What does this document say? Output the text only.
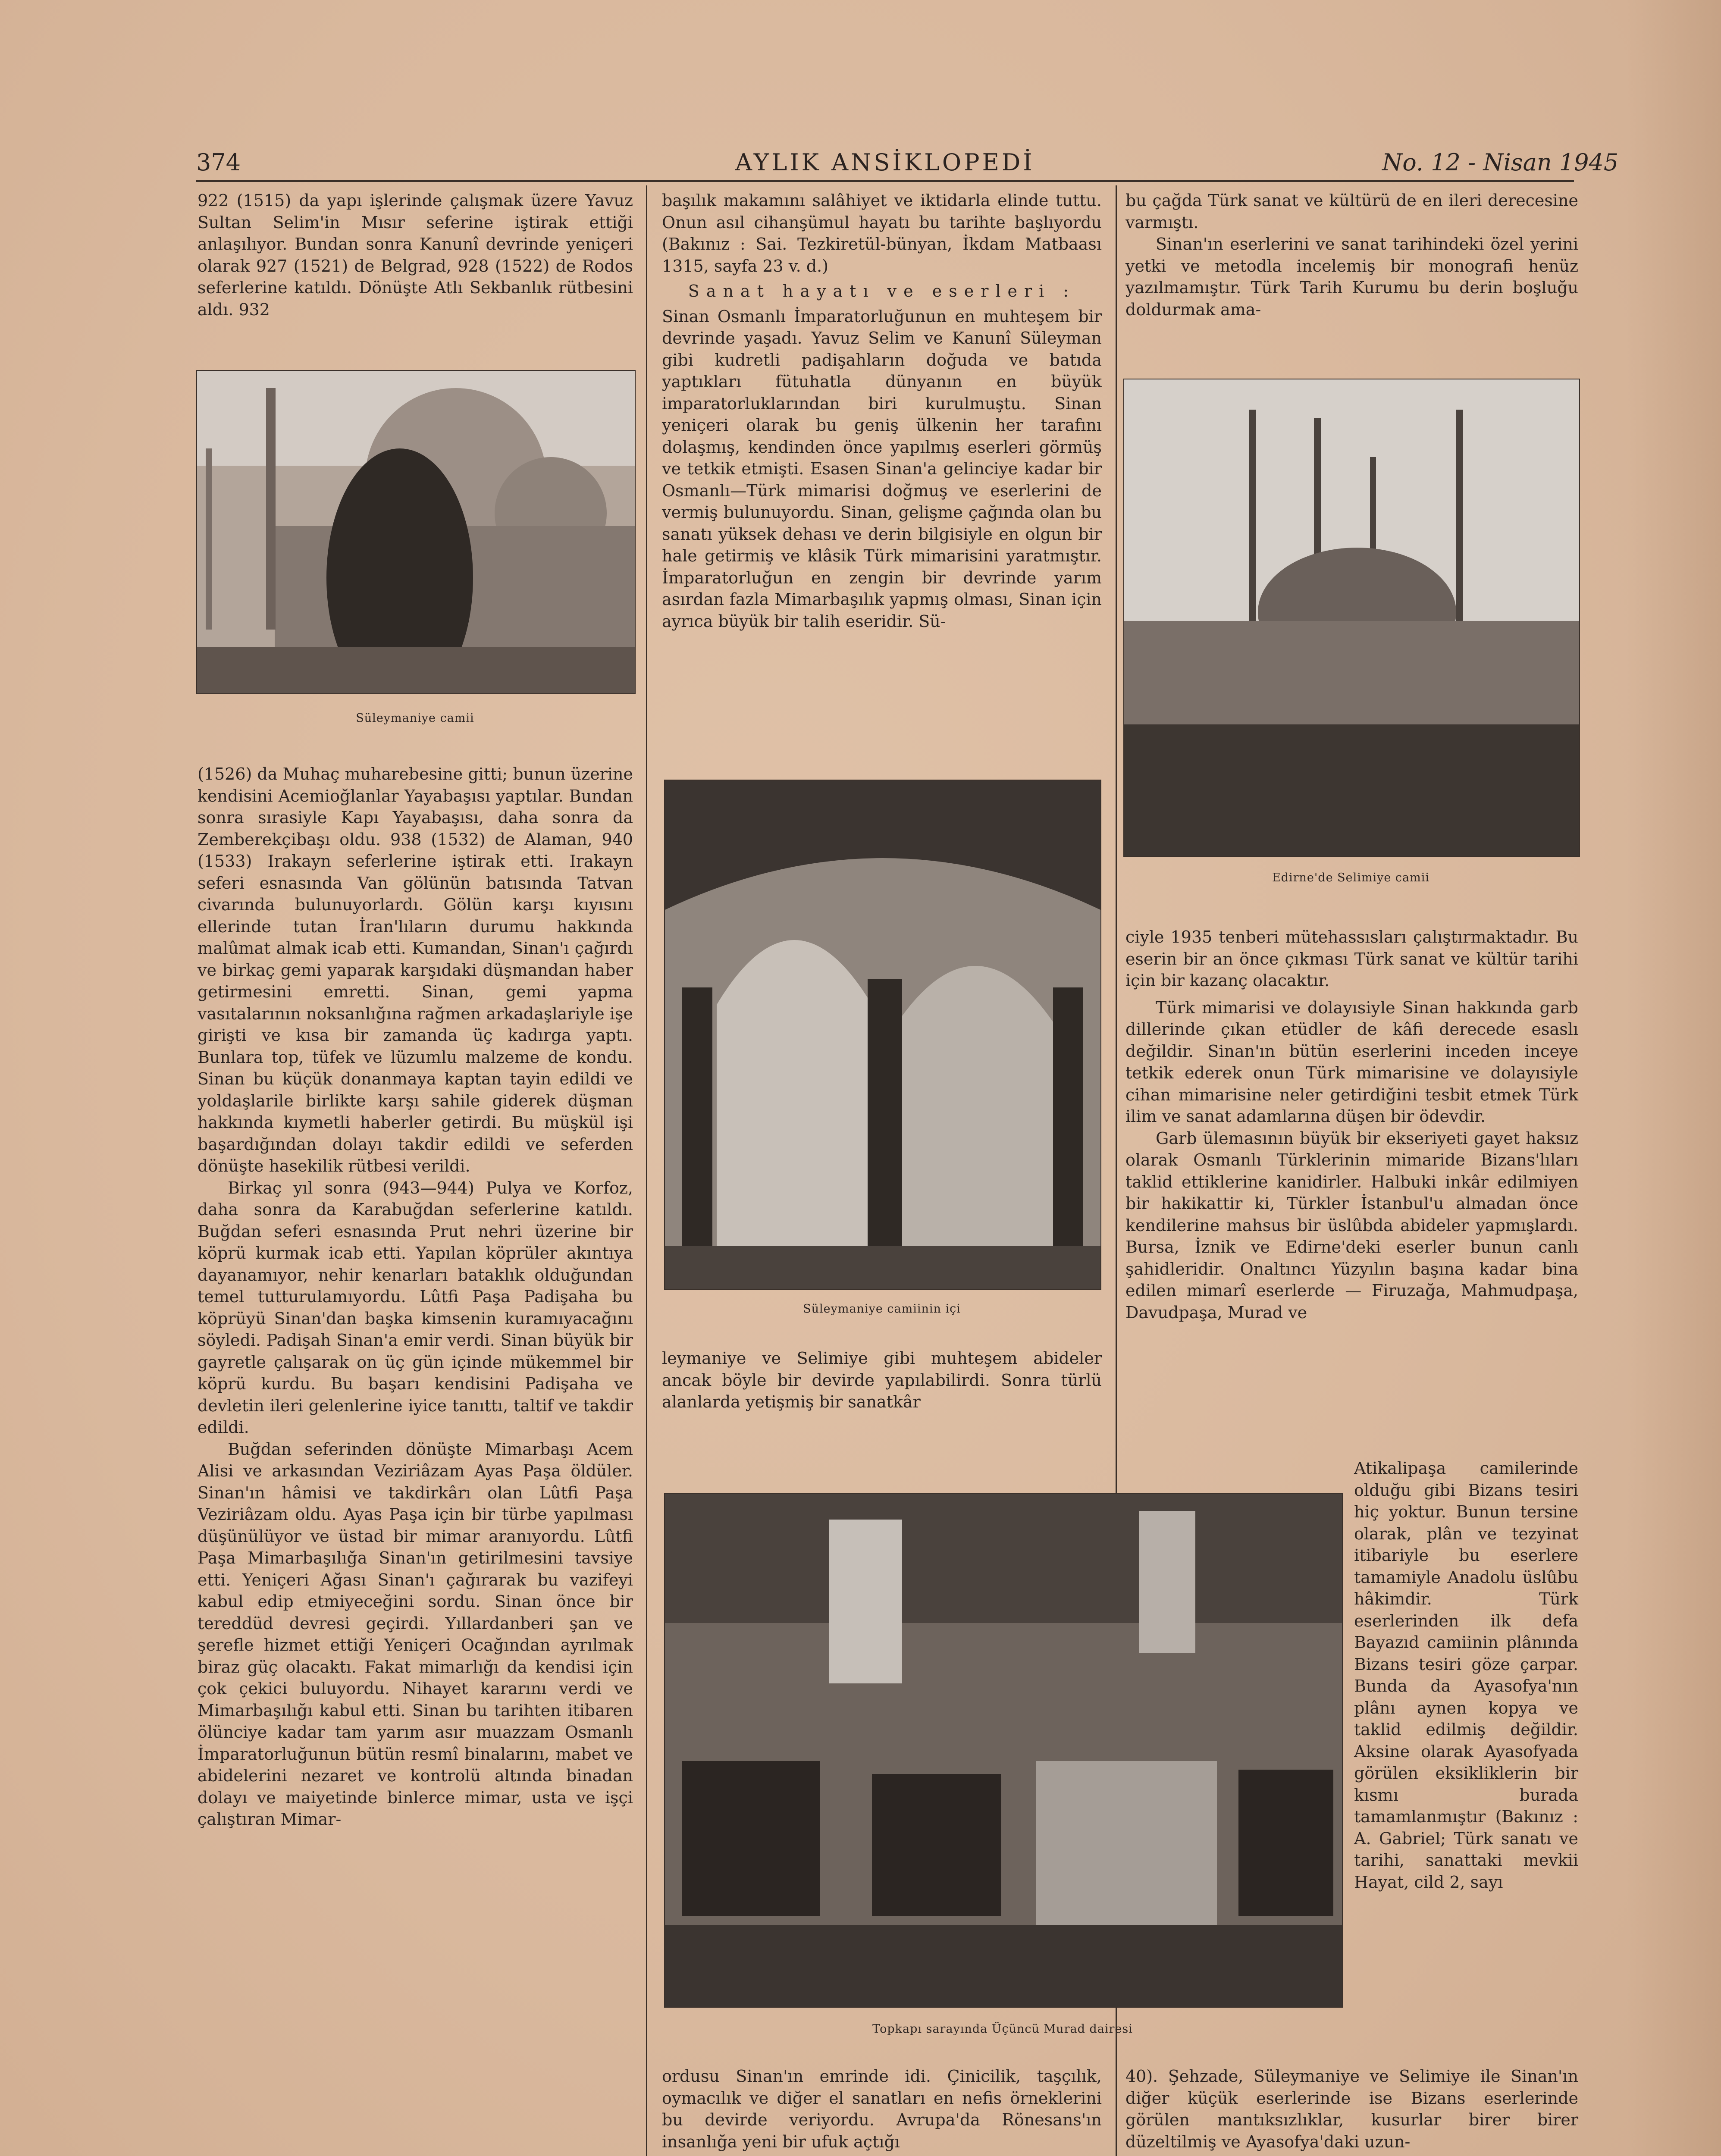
374	AYLIK ANSİKLOPEDİ	No. 12 - Nisan 1945

922 (1515) da yapı işlerinde çalışmak üzere Yavuz Sultan Selim'in Mısır seferine iştirak ettiği anlaşılıyor. Bundan sonra Kanunî devrinde yeniçeri olarak 927 (1521) de Belgrad, 928 (1522) de Rodos seferlerine katıldı. Dönüşte Atlı Sekbanlık rütbesini aldı. 932

Süleymaniye camii

(1526) da Muhaç muharebesine gitti; bunun üzerine kendisini Acemioğlanlar Yayabaşısı yaptılar. Bundan sonra sırasiyle Kapı Yayabaşısı, daha sonra da Zemberekçibaşı oldu. 938 (1532) de Alaman, 940 (1533) Irakayn seferlerine iştirak etti. Irakayn seferi esnasında Van gölünün batısında Tatvan civarında bulunuyorlardı. Gölün karşı kıyısını ellerinde tutan İran'lıların durumu hakkında malûmat almak icab etti. Kumandan, Sinan'ı çağırdı ve birkaç gemi yaparak karşıdaki düşmandan haber getirmesini emretti. Sinan, gemi yapma vasıtalarının noksanlığına rağmen arkadaşlariyle işe girişti ve kısa bir zamanda üç kadırga yaptı. Bunlara top, tüfek ve lüzumlu malzeme de kondu. Sinan bu küçük donanmaya kaptan tayin edildi ve yoldaşlarile birlikte karşı sahile giderek düşman hakkında kıymetli haberler getirdi. Bu müşkül işi başardığından dolayı takdir edildi ve seferden dönüşte hasekilik rütbesi verildi.

Birkaç yıl sonra (943—944) Pulya ve Korfoz, daha sonra da Karabuğdan seferlerine katıldı. Buğdan seferi esnasında Prut nehri üzerine bir köprü kurmak icab etti. Yapılan köprüler akıntıya dayanamıyor, nehir kenarları bataklık olduğundan temel tutturulamıyordu. Lûtfi Paşa Padişaha bu köprüyü Sinan'dan başka kimsenin kuramıyacağını söyledi. Padişah Sinan'a emir verdi. Sinan büyük bir gayretle çalışarak on üç gün içinde mükemmel bir köprü kurdu. Bu başarı kendisini Padişaha ve devletin ileri gelenlerine iyice tanıttı, taltif ve takdir edildi.

Buğdan seferinden dönüşte Mimarbaşı Acem Alisi ve arkasından Veziriâzam Ayas Paşa öldüler. Sinan'ın hâmisi ve takdirkârı olan Lûtfi Paşa Veziriâzam oldu. Ayas Paşa için bir türbe yapılması düşünülüyor ve üstad bir mimar aranıyordu. Lûtfi Paşa Mimarbaşılığa Sinan'ın getirilmesini tavsiye etti. Yeniçeri Ağası Sinan'ı çağırarak bu vazifeyi kabul edip etmiyeceğini sordu. Sinan önce bir tereddüd devresi geçirdi. Yıllardanberi şan ve şerefle hizmet ettiği Yeniçeri Ocağından ayrılmak biraz güç olacaktı. Fakat mimarlığı da kendisi için çok çekici buluyordu. Nihayet kararını verdi ve Mimarbaşılığı kabul etti. Sinan bu tarihten itibaren ölünciye kadar tam yarım asır muazzam Osmanlı İmparatorluğunun bütün resmî binalarını, mabet ve abidelerini nezaret ve kontrolü altında binadan dolayı ve maiyetinde binlerce mimar, usta ve işçi çalıştıran Mimar-

başılık makamını salâhiyet ve iktidarla elinde tuttu. Onun asıl cihanşümul hayatı bu tarihte başlıyordu (Bakınız : Sai. Tezkiretül-bünyan, İkdam Matbaası 1315, sayfa 23 v. d.)

Sanat hayatı ve eserleri :

Sinan Osmanlı İmparatorluğunun en muhteşem bir devrinde yaşadı. Yavuz Selim ve Kanunî Süleyman gibi kudretli padişahların doğuda ve batıda yaptıkları fütuhatla dünyanın en büyük imparatorluklarından biri kurulmuştu. Sinan yeniçeri olarak bu geniş ülkenin her tarafını dolaşmış, kendinden önce yapılmış eserleri görmüş ve tetkik etmişti. Esasen Sinan'a gelinciye kadar bir Osmanlı—Türk mimarisi doğmuş ve eserlerini de vermiş bulunuyordu. Sinan, gelişme çağında olan bu sanatı yüksek dehası ve derin bilgisiyle en olgun bir hale getirmiş ve klâsik Türk mimarisini yaratmıştır. İmparatorluğun en zengin bir devrinde yarım asırdan fazla Mimarbaşılık yapmış olması, Sinan için ayrıca büyük bir talih eseridir. Sü-

Süleymaniye camiinin içi

leymaniye ve Selimiye gibi muhteşem abideler ancak böyle bir devirde yapılabilirdi. Sonra türlü alanlarda yetişmiş bir sanatkâr

bu çağda Türk sanat ve kültürü de en ileri derecesine varmıştı.

Sinan'ın eserlerini ve sanat tarihindeki özel yerini yetki ve metodla incelemiş bir monografi henüz yazılmamıştır. Türk Tarih Kurumu bu derin boşluğu doldurmak ama-

Edirne'de Selimiye camii

ciyle 1935 tenberi mütehassısları çalıştırmaktadır. Bu eserin bir an önce çıkması Türk sanat ve kültür tarihi için bir kazanç olacaktır.

Türk mimarisi ve dolayısiyle Sinan hakkında garb dillerinde çıkan etüdler de kâfi derecede esaslı değildir. Sinan'ın bütün eserlerini inceden inceye tetkik ederek onun Türk mimarisine ve dolayısiyle cihan mimarisine neler getirdiğini tesbit etmek Türk ilim ve sanat adamlarına düşen bir ödevdir.

Garb ülemasının büyük bir ekseriyeti gayet haksız olarak Osmanlı Türklerinin mimaride Bizans'lıları taklid ettiklerine kanidirler. Halbuki inkâr edilmiyen bir hakikattir ki, Türkler İstanbul'u almadan önce kendilerine mahsus bir üslûbda abideler yapmışlardı. Bursa, İznik ve Edirne'deki eserler bunun canlı şahidleridir. Onaltıncı Yüzyılın başına kadar bina edilen mimarî eserlerde — Firuzağa, Mahmudpaşa, Davudpaşa, Murad ve

Atikalipaşa camilerinde olduğu gibi Bizans tesiri hiç yoktur. Bunun tersine olarak, plân ve tezyinat itibariyle bu eserlere tamamiyle Anadolu üslûbu hâkimdir. Türk eserlerinden ilk defa Bayazıd camiinin plânında Bizans tesiri göze çarpar. Bunda da Ayasofya'nın plânı aynen kopya ve taklid edilmiş değildir. Aksine olarak Ayasofyada görülen eksikliklerin bir kısmı burada tamamlanmıştır (Bakınız : A. Gabriel; Türk sanatı ve tarihi, sanattaki mevkii Hayat, cild 2, sayı

Topkapı sarayında Üçüncü Murad dairesi

ordusu Sinan'ın emrinde idi. Çinicilik, taşçılık, oymacılık ve diğer el sanatları en nefis örneklerini bu devirde veriyordu. Avrupa'da Rönesans'ın insanlığa yeni bir ufuk açtığı

40). Şehzade, Süleymaniye ve Selimiye ile Sinan'ın diğer küçük eserlerinde ise Bizans eserlerinde görülen mantıksızlıklar, kusurlar birer birer düzeltilmiş ve Ayasofya'daki uzun-
